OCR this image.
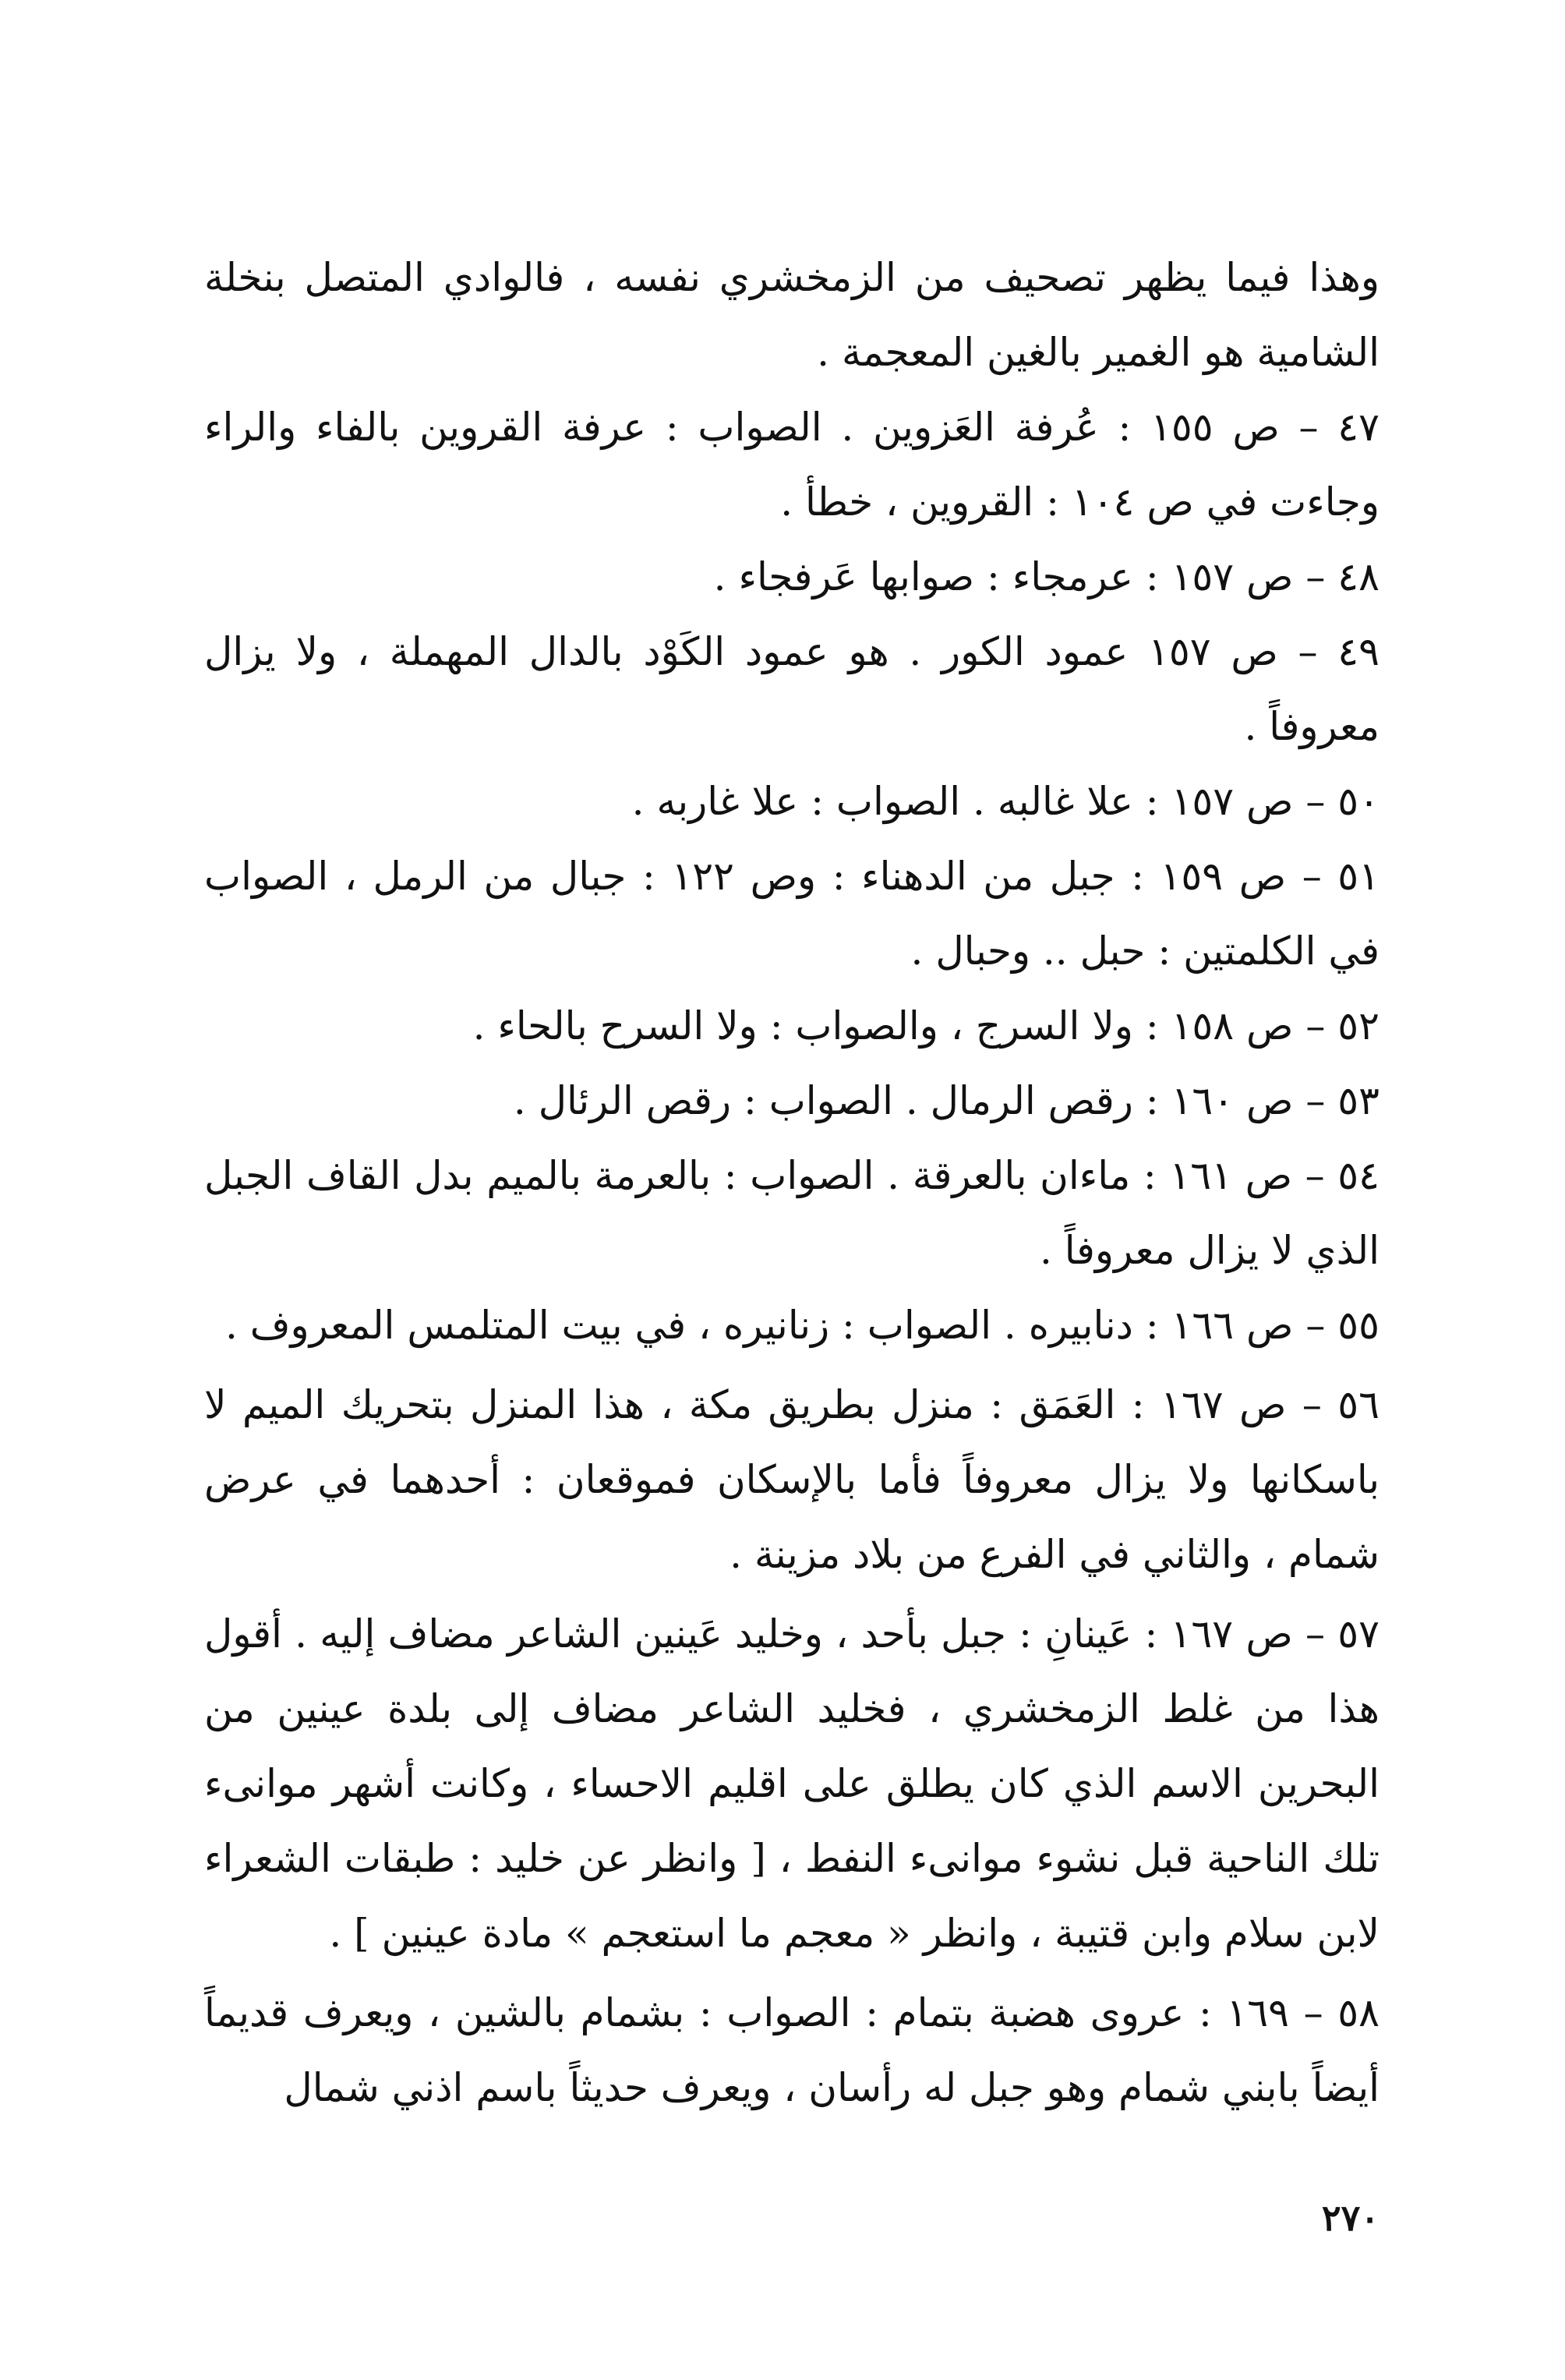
وهذا فيما يظهر تصحيف من الزمخشري نفسه ، فالوادي المتصل بنخلة الشامية هو الغمير بالغين المعجمة .

٤٧ – ص ١٥٥ : عُرفة العَزوين . الصواب : عرفة القروين بالفاء والراء وجاءت في ص ١٠٤ : القروين ، خطأ .

٤٨ – ص ١٥٧ : عرمجاء : صوابها عَرفجاء .

٤٩ – ص ١٥٧ عمود الكور . هو عمود الكَوْد بالدال المهملة ، ولا يزال معروفاً .

٥٠ – ص ١٥٧ : علا غالبه . الصواب : علا غاربه .

٥١ – ص ١٥٩ : جبل من الدهناء : وص ١٢٢ : جبال من الرمل ، الصواب في الكلمتين : حبل .. وحبال .

٥٢ – ص ١٥٨ : ولا السرج ، والصواب : ولا السرح بالحاء .

٥٣ – ص ١٦٠ : رقص الرمال . الصواب : رقص الرئال .

٥٤ – ص ١٦١ : ماءان بالعرقة . الصواب : بالعرمة بالميم بدل القاف الجبل الذي لا يزال معروفاً .

٥٥ – ص ١٦٦ : دنابيره . الصواب : زنانيره ، في بيت المتلمس المعروف .

٥٦ – ص ١٦٧ : العَمَق : منزل بطريق مكة ، هذا المنزل بتحريك الميم لا باسكانها ولا يزال معروفاً فأما بالإسكان فموقعان : أحدهما في عرض شمام ، والثاني في الفرع من بلاد مزينة .

٥٧ – ص ١٦٧ : عَينانِ : جبل بأحد ، وخليد عَينين الشاعر مضاف إليه . أقول هذا من غلط الزمخشري ، فخليد الشاعر مضاف إلى بلدة عينين من البحرين الاسم الذي كان يطلق على اقليم الاحساء ، وكانت أشهر موانىء تلك الناحية قبل نشوء موانىء النفط ، [ وانظر عن خليد : طبقات الشعراء لابن سلام وابن قتيبة ، وانظر « معجم ما استعجم » مادة عينين ] .

٥٨ – ١٦٩ : عروى هضبة بتمام : الصواب : بشمام بالشين ، ويعرف قديماً أيضاً بابني شمام وهو جبل له رأسان ، ويعرف حديثاً باسم اذني شمال

٢٧٠
